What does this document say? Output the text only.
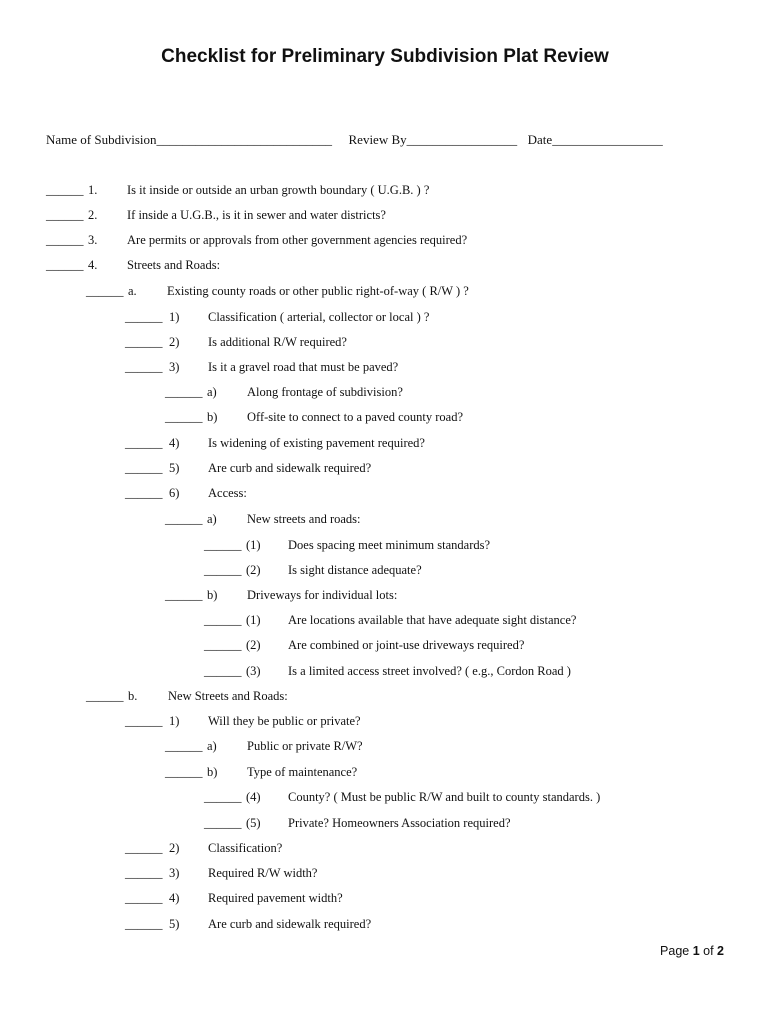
Checklist for Preliminary Subdivision Plat Review
Name of Subdivision___________________________ Review By_________________ Date_________________
______ 1. Is it inside or outside an urban growth boundary ( U.G.B. ) ?
______ 2. If inside a U.G.B., is it in sewer and water districts?
______ 3. Are permits or approvals from other government agencies required?
______ 4. Streets and Roads:
______ a. Existing county roads or other public right-of-way ( R/W ) ?
______ 1) Classification ( arterial, collector or local ) ?
______ 2) Is additional R/W required?
______ 3) Is it a gravel road that must be paved?
______ a) Along frontage of subdivision?
______ b) Off-site to connect to a paved county road?
______ 4) Is widening of existing pavement required?
______ 5) Are curb and sidewalk required?
______ 6) Access:
______ a) New streets and roads:
______ (1) Does spacing meet minimum standards?
______ (2) Is sight distance adequate?
______ b) Driveways for individual lots:
______ (1) Are locations available that have adequate sight distance?
______ (2) Are combined or joint-use driveways required?
______ (3) Is a limited access street involved? ( e.g., Cordon Road )
______ b. New Streets and Roads:
______ 1) Will they be public or private?
______ a) Public or private R/W?
______ b) Type of maintenance?
______ (4) County? ( Must be public R/W and built to county standards. )
______ (5) Private? Homeowners Association required?
______ 2) Classification?
______ 3) Required R/W width?
______ 4) Required pavement width?
______ 5) Are curb and sidewalk required?
Page 1 of 2
